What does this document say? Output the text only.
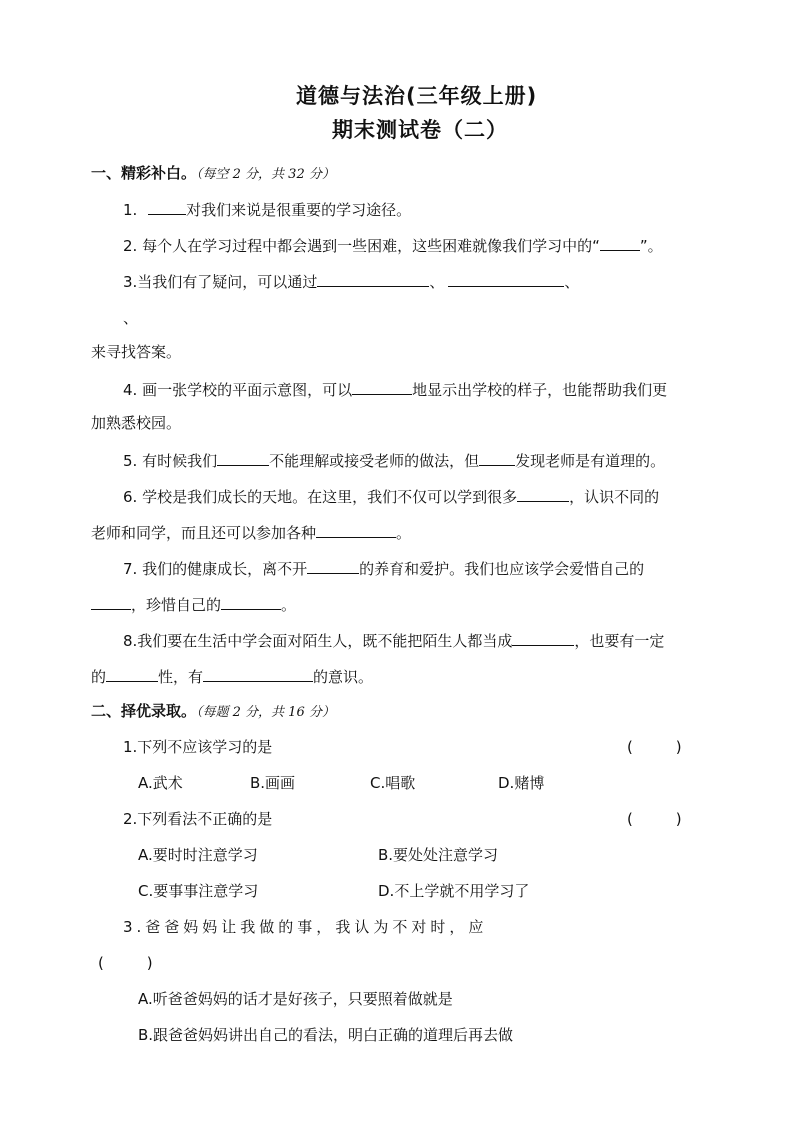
道德与法治(三年级上册)
期末测试卷（二）
一、精彩补白。（每空 2 分，共 32 分）
1.	对我们来说是很重要的学习途径。
2. 每个人在学习过程中都会遇到一些困难，这些困难就像我们学习中的“	”。
3.当我们有了疑问，可以通过	、	、
、
来寻找答案。
4. 画一张学校的平面示意图，可以	地显示出学校的样子，也能帮助我们更
加熟悉校园。
5. 有时候我们	不能理解或接受老师的做法，但 发现老师是有道理的。
6. 学校是我们成长的天地。在这里，我们不仅可以学到很多	，认识不同的
老师和同学，而且还可以参加各种	。
7. 我们的健康成长，离不开	的养育和爱护。我们也应该学会爱惜自己的
，珍惜自己的	。
8.我们要在生活中学会面对陌生人，既不能把陌生人都当成	，也要有一定
的	性，有	的意识。
二、择优录取。（每题 2 分，共 16 分）
1.下列不应该学习的是	(         )
A.武术	B.画画	C.唱歌	D.赌博
2.下列看法不正确的是	(         )
A.要时时注意学习	B.要处处注意学习
C.要事事注意学习	D.不上学就不用学习了
3.爸爸妈妈让我做的事，我认为不对时，应
(         )
A.听爸爸妈妈的话才是好孩子，只要照着做就是
B.跟爸爸妈妈讲出自己的看法，明白正确的道理后再去做
